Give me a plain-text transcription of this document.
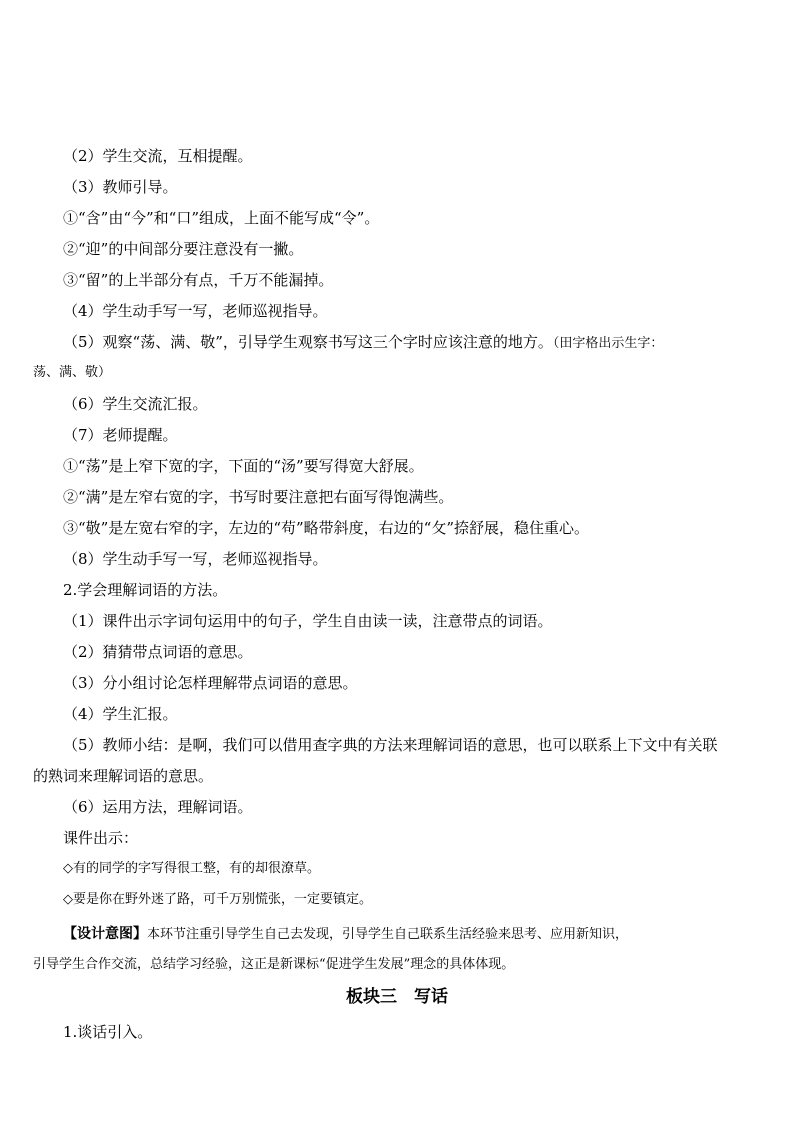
（2）学生交流，互相提醒。
（3）教师引导。
①“含”由“今”和“口”组成，上面不能写成“令”。
②“迎”的中间部分要注意没有一撇。
③“留”的上半部分有点，千万不能漏掉。
（4）学生动手写一写，老师巡视指导。
（5）观察“荡、满、敬”，引导学生观察书写这三个字时应该注意的地方。（田字格出示生字：
荡、满、敬）
（6）学生交流汇报。
（7）老师提醒。
①“荡”是上窄下宽的字，下面的“汤”要写得宽大舒展。
②“满”是左窄右宽的字，书写时要注意把右面写得饱满些。
③“敬”是左宽右窄的字，左边的“苟”略带斜度，右边的“攵”捺舒展，稳住重心。
（8）学生动手写一写，老师巡视指导。
2.学会理解词语的方法。
（1）课件出示字词句运用中的句子，学生自由读一读，注意带点的词语。
（2）猜猜带点词语的意思。
（3）分小组讨论怎样理解带点词语的意思。
（4）学生汇报。
（5）教师小结：是啊，我们可以借用查字典的方法来理解词语的意思，也可以联系上下文中有关联
的熟词来理解词语的意思。
（6）运用方法，理解词语。
课件出示：
◇有的同学的字写得很工整，有的却很潦草。
◇要是你在野外迷了路，可千万别慌张，一定要镇定。
【设计意图】本环节注重引导学生自己去发现，引导学生自己联系生活经验来思考、应用新知识，
引导学生合作交流，总结学习经验，这正是新课标“促进学生发展”理念的具体体现。
板块三　写话
1.谈话引入。
